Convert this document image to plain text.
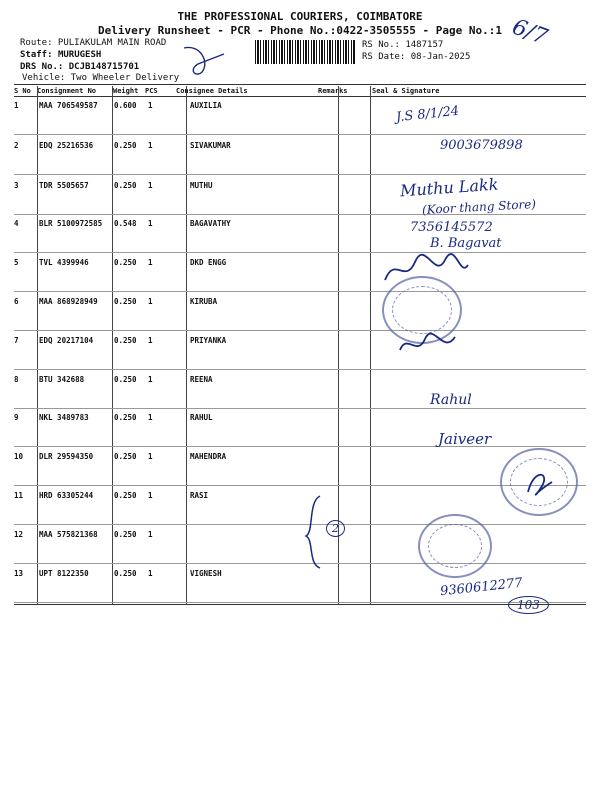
THE PROFESSIONAL COURIERS, COIMBATORE
Delivery Runsheet - PCR - Phone No.:0422-3505555 - Page No.:1
Route: PULIAKULAM MAIN ROAD
Staff: MURUGESH
DRS No.: DCJB148715701
Vehicle: Two Wheeler Delivery
RS No.: 1487157
RS Date: 08-Jan-2025
S No Consignment No Weight PCS	Consignee Details	Remarks	Seal & Signature
1	MAA 706549587 0.600 1	AUXILIA
2	EDQ 25216536	0.250 1	SIVAKUMAR
3	TDR 5505657	0.250 1	MUTHU
4	BLR 5100972585 0.548 1	BAGAVATHY
5	TVL 4399946	0.250 1	DKD ENGG
6	MAA 868928949 0.250 1	KIRUBA
7	EDQ 20217104	0.250 1	PRIYANKA
8	BTU 342688	0.250 1	REENA
9	NKL 3489783	0.250 1	RAHUL
10 DLR 29594350	0.250 1	MAHENDRA
11 HRD 63305244	0.250 1	RASI
12 MAA 575821368 0.250 1
13 UPT 8122350	0.250 1	VIGNESH
6/7
J.S 8/1/24
9003679898
Muthu Lakk
(Koor thang Store)
7356145572
B. Bagavat
Rahul
Jaiveer
2
9360612277
103
